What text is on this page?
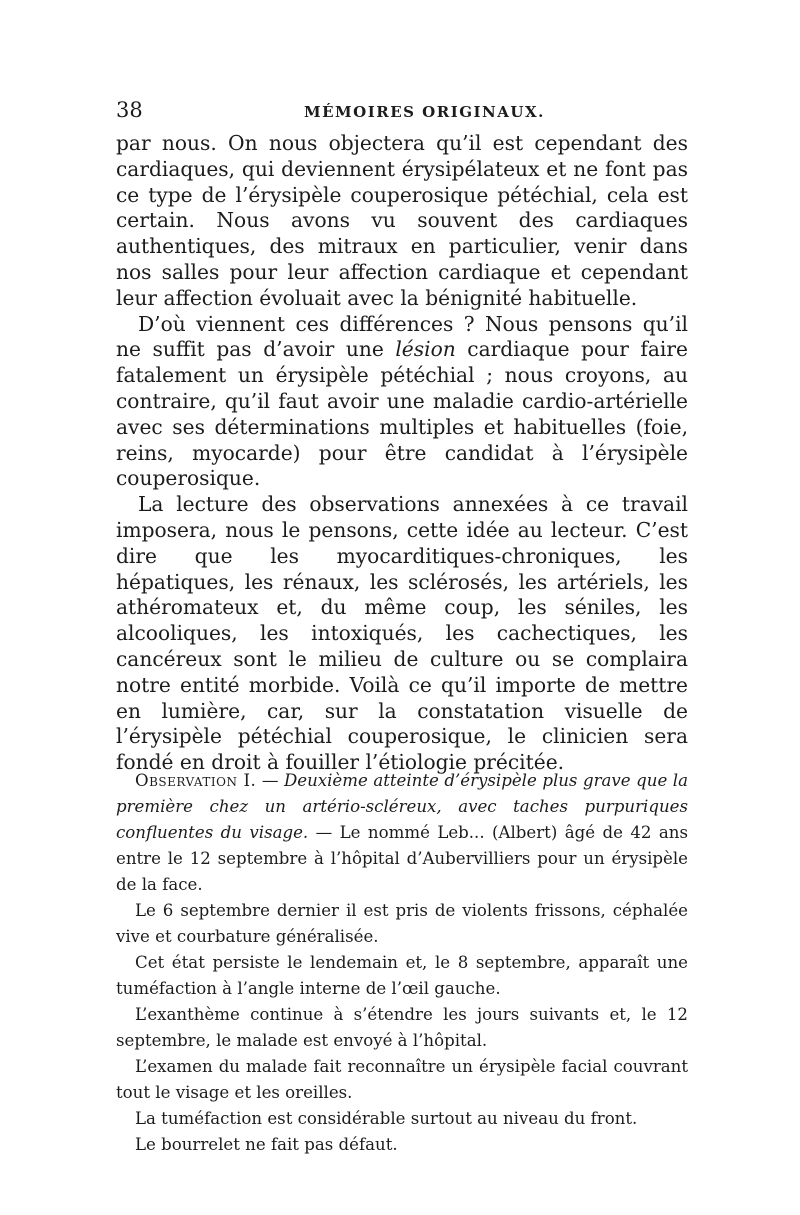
38	MÉMOIRES ORIGINAUX.

par nous. On nous objectera qu’il est cependant des cardiaques, qui deviennent érysipélateux et ne font pas ce type de l’érysipèle couperosique pétéchial, cela est certain. Nous avons vu souvent des cardiaques authentiques, des mitraux en particulier, venir dans nos salles pour leur affection cardiaque et cependant leur affection évoluait avec la bénignité habituelle.

D’où viennent ces différences ? Nous pensons qu’il ne suffit pas d’avoir une lésion cardiaque pour faire fatalement un érysipèle pétéchial ; nous croyons, au contraire, qu’il faut avoir une maladie cardio-artérielle avec ses déterminations multiples et habituelles (foie, reins, myocarde) pour être candidat à l’érysipèle couperosique.

La lecture des observations annexées à ce travail imposera, nous le pensons, cette idée au lecteur. C’est dire que les myocarditiques-chroniques, les hépatiques, les rénaux, les sclérosés, les artériels, les athéromateux et, du même coup, les séniles, les alcooliques, les intoxiqués, les cachectiques, les cancéreux sont le milieu de culture ou se complaira notre entité morbide. Voilà ce qu’il importe de mettre en lumière, car, sur la constatation visuelle de l’érysipèle pétéchial couperosique, le clinicien sera fondé en droit à fouiller l’étiologie précitée.

Observation I. — Deuxième atteinte d’érysipèle plus grave que la première chez un artério-scléreux, avec taches purpuriques confluentes du visage. — Le nommé Leb... (Albert) âgé de 42 ans entre le 12 septembre à l’hôpital d’Aubervilliers pour un érysipèle de la face.

Le 6 septembre dernier il est pris de violents frissons, céphalée vive et courbature généralisée.

Cet état persiste le lendemain et, le 8 septembre, apparaît une tuméfaction à l’angle interne de l’œil gauche.

L’exanthème continue à s’étendre les jours suivants et, le 12 septembre, le malade est envoyé à l’hôpital.

L’examen du malade fait reconnaître un érysipèle facial couvrant tout le visage et les oreilles.

La tuméfaction est considérable surtout au niveau du front.

Le bourrelet ne fait pas défaut.
